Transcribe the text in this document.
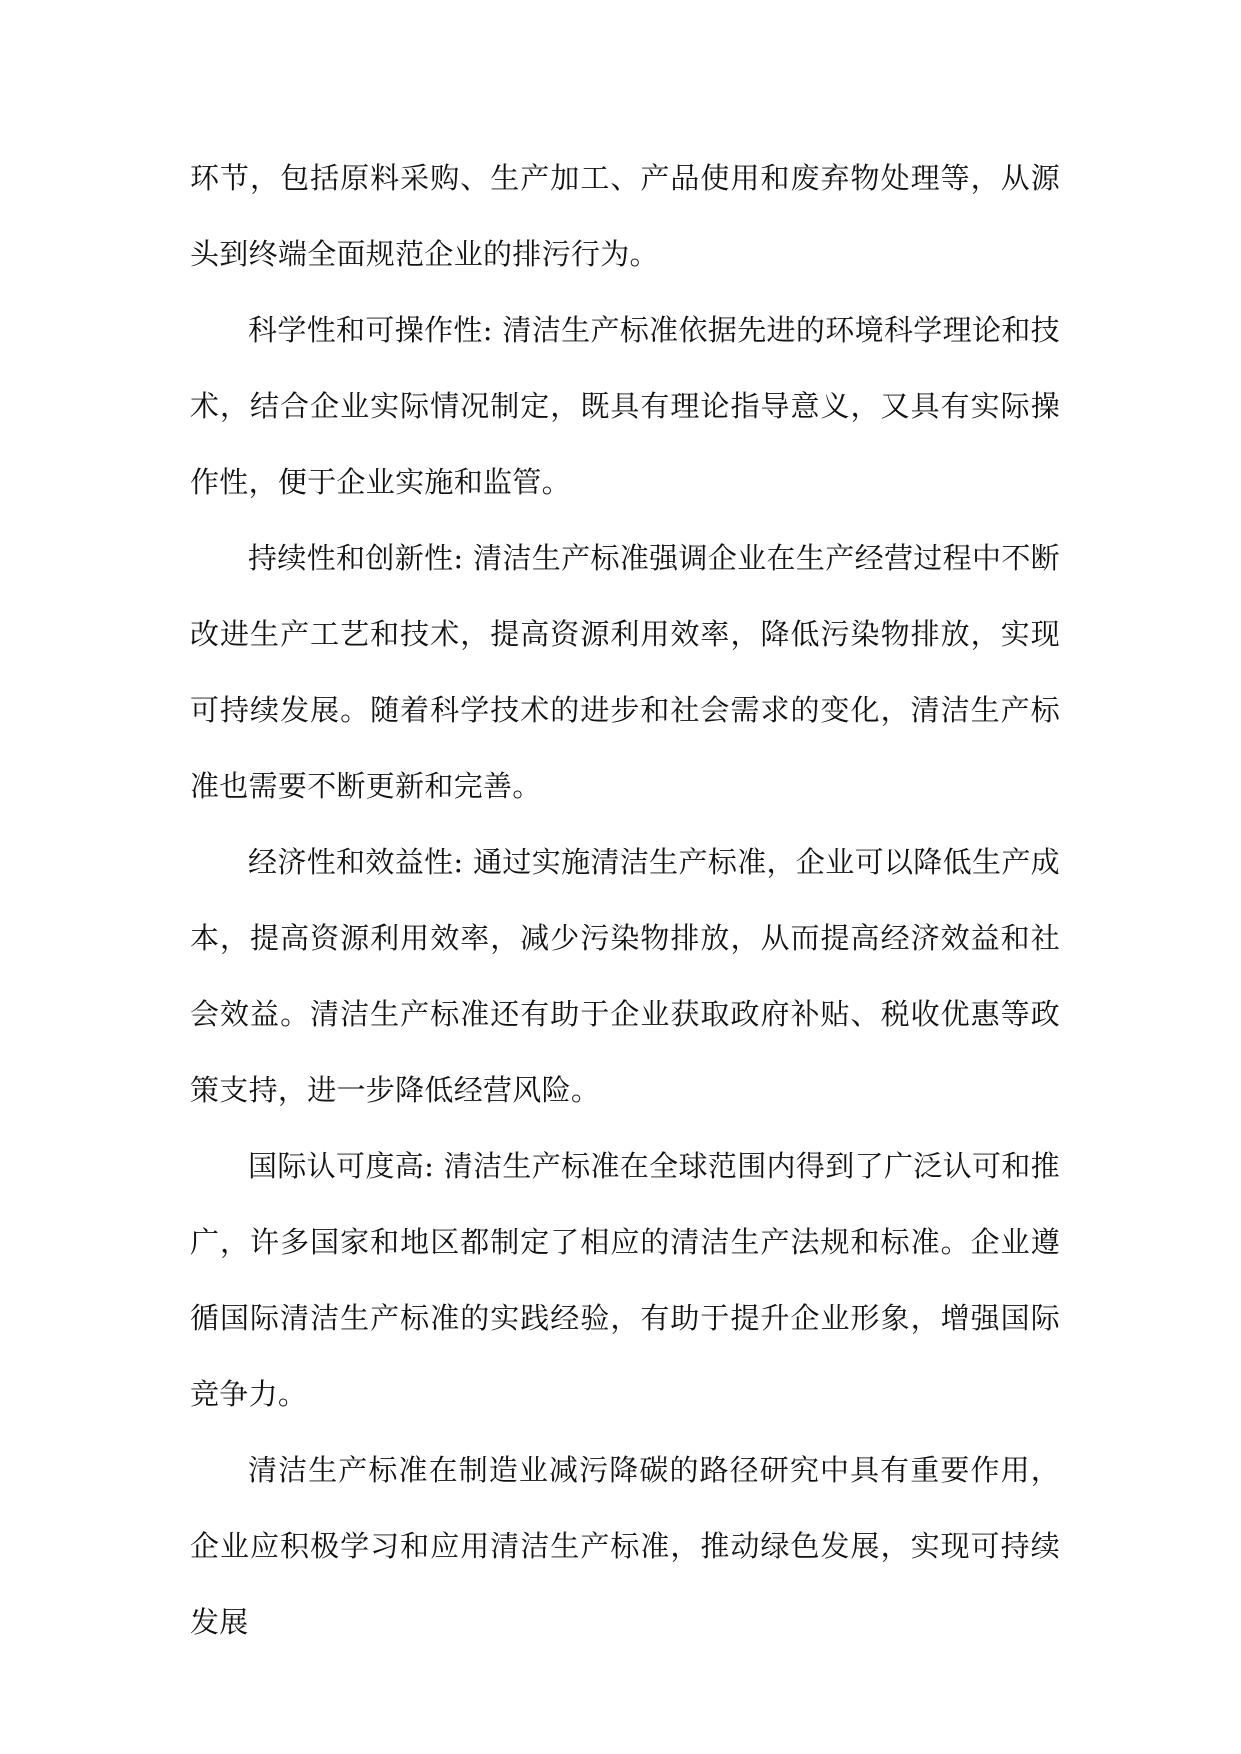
环节，包括原料采购、生产加工、产品使用和废弃物处理等，从源头到终端全面规范企业的排污行为。

科学性和可操作性: 清洁生产标准依据先进的环境科学理论和技术，结合企业实际情况制定，既具有理论指导意义，又具有实际操作性，便于企业实施和监管。

持续性和创新性: 清洁生产标准强调企业在生产经营过程中不断改进生产工艺和技术，提高资源利用效率，降低污染物排放，实现可持续发展。随着科学技术的进步和社会需求的变化，清洁生产标准也需要不断更新和完善。

经济性和效益性: 通过实施清洁生产标准，企业可以降低生产成本，提高资源利用效率，减少污染物排放，从而提高经济效益和社会效益。清洁生产标准还有助于企业获取政府补贴、税收优惠等政策支持，进一步降低经营风险。

国际认可度高: 清洁生产标准在全球范围内得到了广泛认可和推广，许多国家和地区都制定了相应的清洁生产法规和标准。企业遵循国际清洁生产标准的实践经验，有助于提升企业形象，增强国际竞争力。

清洁生产标准在制造业减污降碳的路径研究中具有重要作用，企业应积极学习和应用清洁生产标准，推动绿色发展，实现可持续发展
